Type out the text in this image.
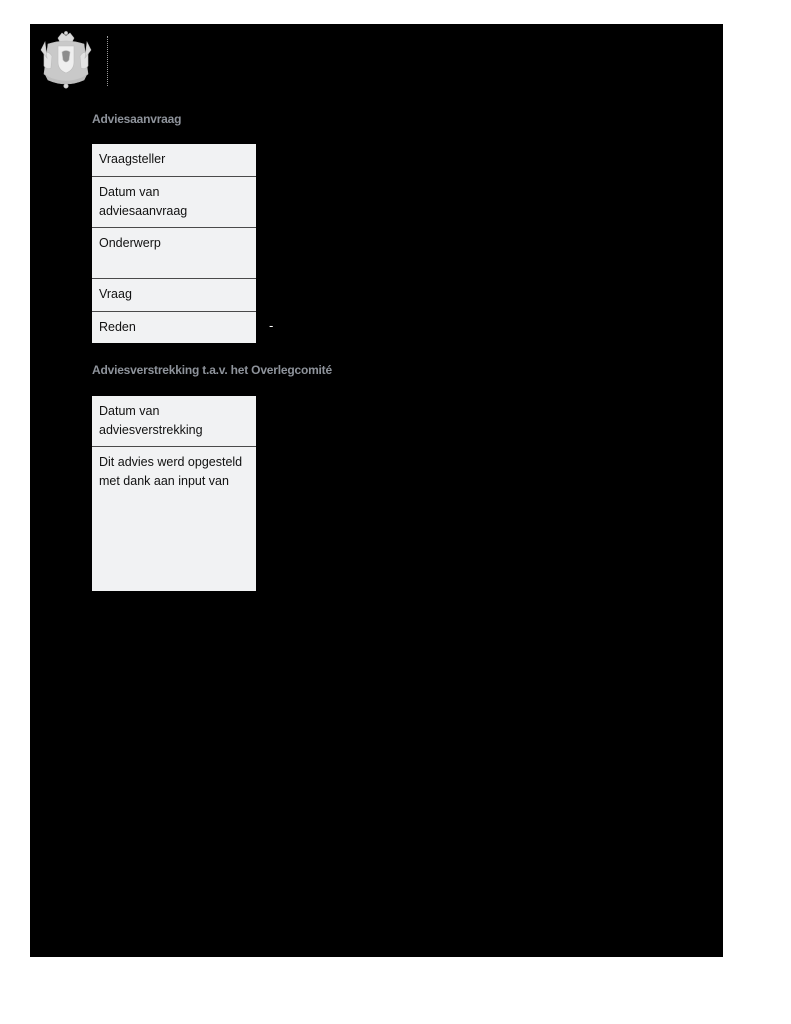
Adviesaanvraag
Vraagsteller
Datum van adviesaanvraag
Onderwerp
Vraag
Reden	-
Adviesverstrekking t.a.v. het Overlegcomité
Datum van adviesverstrekking
Dit advies werd opgesteld met dank aan input van
